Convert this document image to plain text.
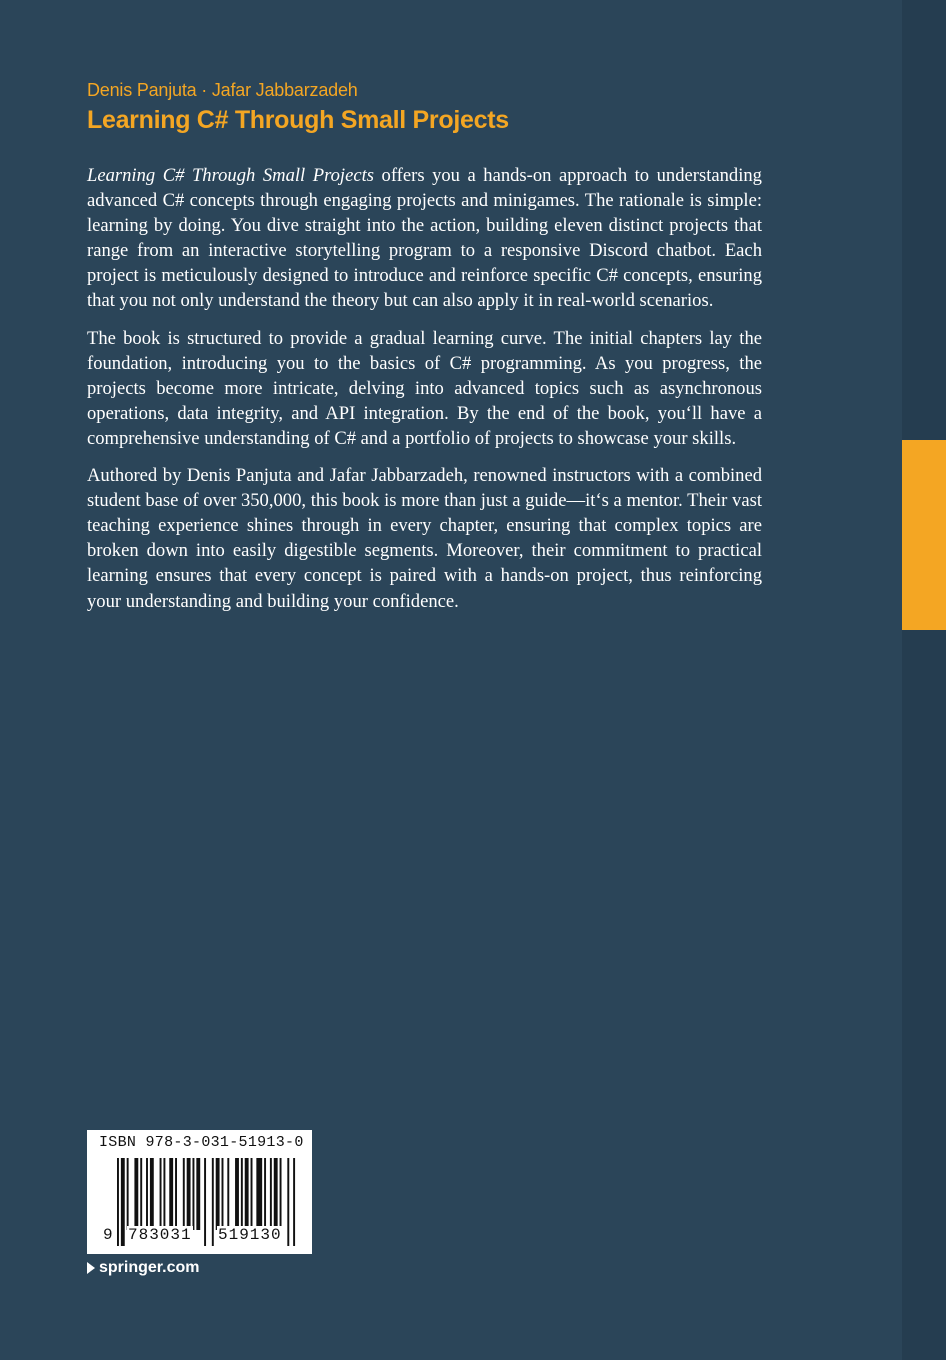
Denis Panjuta · Jafar Jabbarzadeh
Learning C# Through Small Projects

Learning C# Through Small Projects offers you a hands-on approach to understanding advanced C# concepts through engaging projects and minigames. The rationale is simple: learning by doing. You dive straight into the action, building eleven distinct projects that range from an interactive storytelling program to a responsive Discord chatbot. Each project is meticulously designed to introduce and reinforce specific C# concepts, ensuring that you not only understand the theory but can also apply it in real-world scenarios.

The book is structured to provide a gradual learning curve. The initial chapters lay the foundation, introducing you to the basics of C# programming. As you progress, the projects become more intricate, delving into advanced topics such as asynchronous operations, data integrity, and API integration. By the end of the book, you‘ll have a comprehensive understanding of C# and a portfolio of projects to showcase your skills.

Authored by Denis Panjuta and Jafar Jabbarzadeh, renowned instructors with a combined student base of over 350,000, this book is more than just a guide—it‘s a mentor. Their vast teaching experience shines through in every chapter, ensuring that complex topics are broken down into easily digestible segments. Moreover, their commitment to practical learning ensures that every concept is paired with a hands-on project, thus reinforcing your understanding and building your confidence.

ISBN 978-3-031-51913-0
9 783031 519130
springer.com
